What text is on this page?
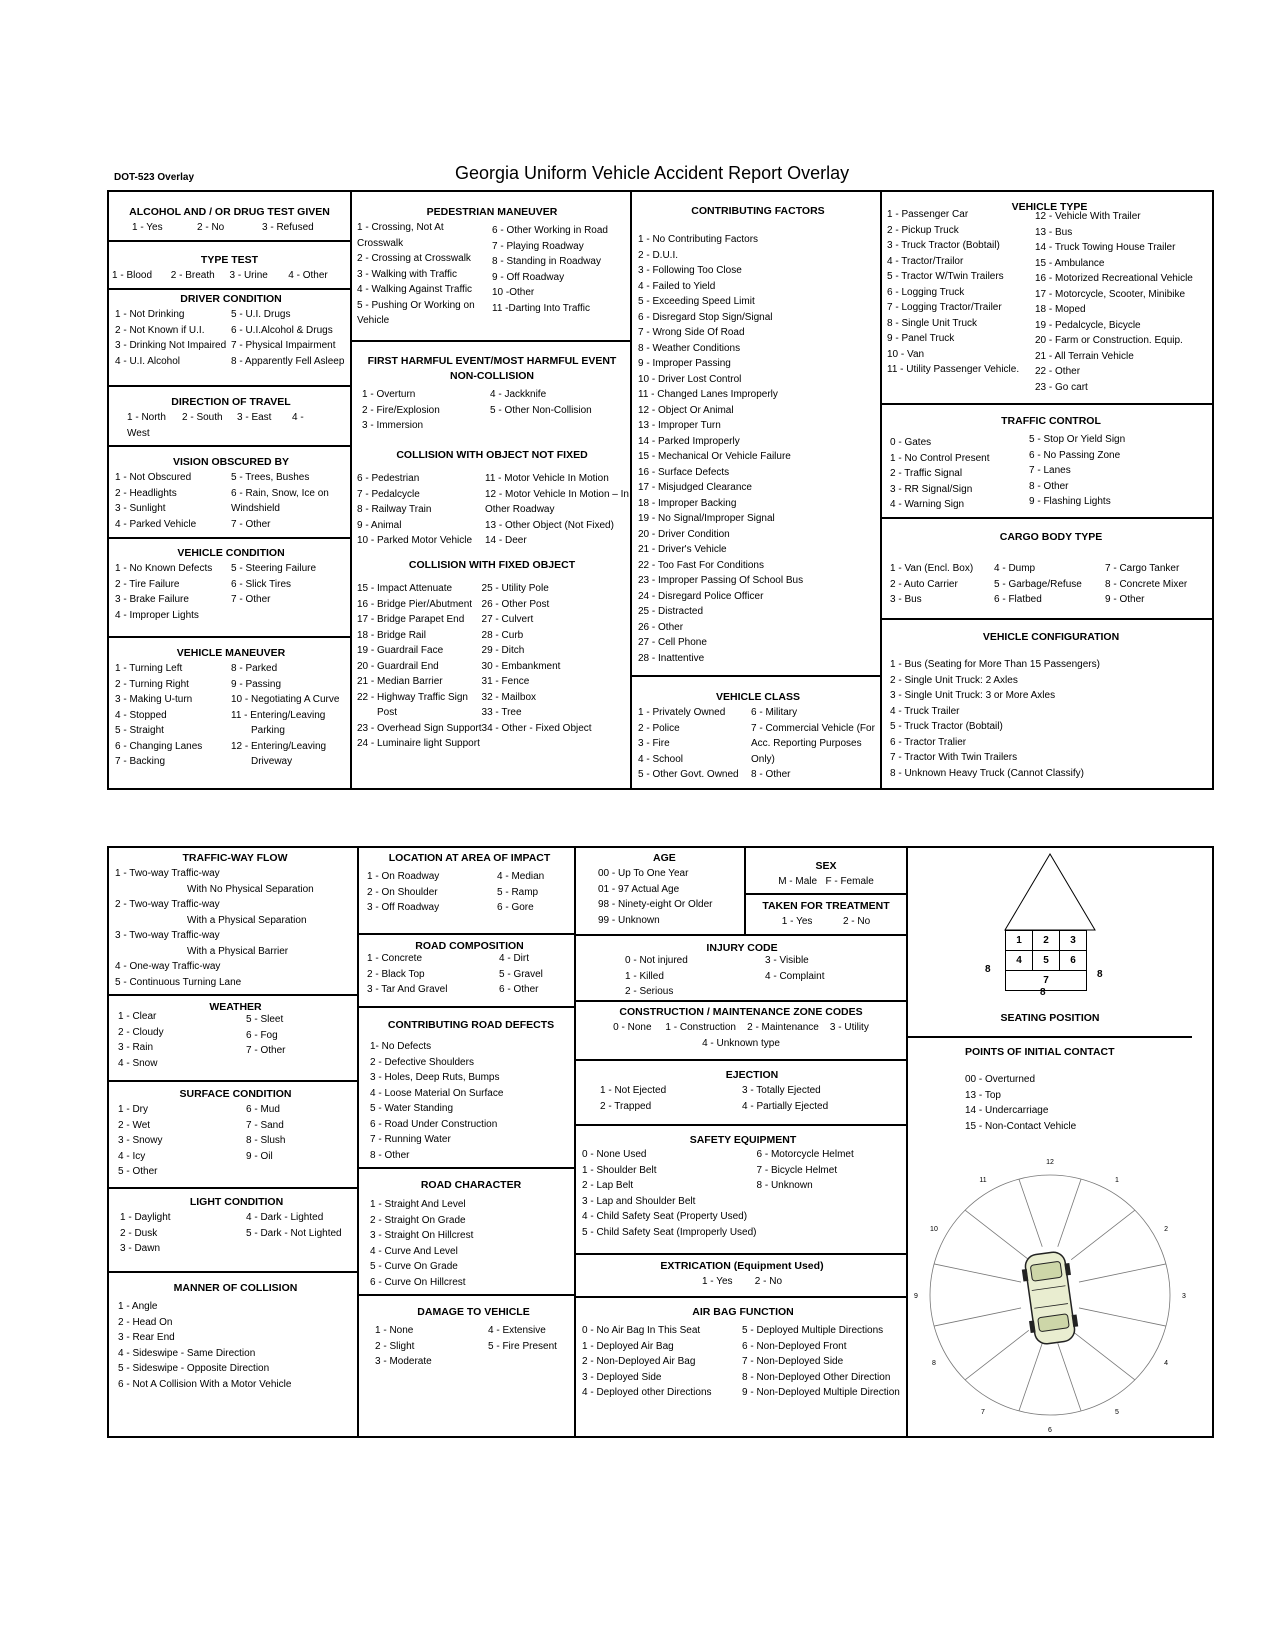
DOT-523 Overlay	Georgia Uniform Vehicle Accident Report Overlay
ALCOHOL AND / OR DRUG TEST GIVEN
1 - Yes	2 - No	3 - Refused
TYPE TEST
1 - Blood	2 - Breath	3 - Urine	4 - Other
DRIVER CONDITION
1 - Not Drinking
2 - Not Known if U.I.
3 - Drinking Not Impaired
4 - U.I. Alcohol
5 - U.I. Drugs
6 - U.I.Alcohol & Drugs
7 - Physical Impairment
8 - Apparently Fell Asleep
DIRECTION OF TRAVEL
1 - North	2 - South	3 - East	4 -
West
VISION OBSCURED BY
1 - Not Obscured
2 - Headlights
3 - Sunlight
4 - Parked Vehicle
5 - Trees, Bushes
6 - Rain, Snow, Ice on
Windshield
7 - Other
VEHICLE CONDITION
1 - No Known Defects
2 - Tire Failure
3 - Brake Failure
4 - Improper Lights
5 - Steering Failure
6 - Slick Tires
7 - Other
VEHICLE MANEUVER
1 - Turning Left
2 - Turning Right
3 - Making U-turn
4 - Stopped
5 - Straight
6 - Changing Lanes
7 - Backing
8 - Parked
9 - Passing
10 - Negotiating A Curve
11 - Entering/Leaving
Parking
12 - Entering/Leaving
Driveway
PEDESTRIAN MANEUVER
1 - Crossing, Not At Crosswalk
2 - Crossing at Crosswalk
3 - Walking with Traffic
4 - Walking Against Traffic
5 - Pushing Or Working on
Vehicle
6 - Other Working in Road
7 - Playing Roadway
8 - Standing in Roadway
9 - Off Roadway
10 -Other
11 -Darting Into Traffic
FIRST HARMFUL EVENT/MOST HARMFUL EVENT
NON-COLLISION
1 - Overturn
2 - Fire/Explosion
3 - Immersion
4 - Jackknife
5 - Other Non-Collision
COLLISION WITH OBJECT NOT FIXED
6 - Pedestrian
7 - Pedalcycle
8 - Railway Train
9 - Animal
10 - Parked Motor Vehicle
11 - Motor Vehicle In Motion
12 - Motor Vehicle In Motion – In
Other Roadway
13 - Other Object (Not Fixed)
14 - Deer
COLLISION WITH FIXED OBJECT
15 - Impact Attenuate
16 - Bridge Pier/Abutment
17 - Bridge Parapet End
18 - Bridge Rail
19 - Guardrail Face
20 - Guardrail End
21 - Median Barrier
22 - Highway Traffic Sign
Post
23 - Overhead Sign Support
24 - Luminaire light Support
25 - Utility Pole
26 - Other Post
27 - Culvert
28 - Curb
29 - Ditch
30 - Embankment
31 - Fence
32 - Mailbox
33 - Tree
34 - Other - Fixed Object
CONTRIBUTING FACTORS
1 - No Contributing Factors
2 - D.U.I.
3 - Following Too Close
4 - Failed to Yield
5 - Exceeding Speed Limit
6 - Disregard Stop Sign/Signal
7 - Wrong Side Of Road
8 - Weather Conditions
9 - Improper Passing
10 - Driver Lost Control
11 - Changed Lanes Improperly
12 - Object Or Animal
13 - Improper Turn
14 - Parked Improperly
15 - Mechanical Or Vehicle Failure
16 - Surface Defects
17 - Misjudged Clearance
18 - Improper Backing
19 - No Signal/Improper Signal
20 - Driver Condition
21 - Driver's Vehicle
22 - Too Fast For Conditions
23 - Improper Passing Of School Bus
24 - Disregard Police Officer
25 - Distracted
26 - Other
27 - Cell Phone
28 - Inattentive
VEHICLE CLASS
1 - Privately Owned
2 - Police
3 - Fire
4 - School
5 - Other Govt. Owned
6 - Military
7 - Commercial Vehicle (For
Acc. Reporting Purposes
Only)
8 - Other
VEHICLE TYPE
1 - Passenger Car
2 - Pickup Truck
3 - Truck Tractor (Bobtail)
4 - Tractor/Trailor
5 - Tractor W/Twin Trailers
6 - Logging Truck
7 - Logging Tractor/Trailer
8 - Single Unit Truck
9 - Panel Truck
10 - Van
11 - Utility Passenger Vehicle.
12 - Vehicle With Trailer
13 - Bus
14 - Truck Towing House Trailer
15 - Ambulance
16 - Motorized Recreational Vehicle
17 - Motorcycle, Scooter, Minibike
18 - Moped
19 - Pedalcycle, Bicycle
20 - Farm or Construction. Equip.
21 - All Terrain Vehicle
22 - Other
23 - Go cart
TRAFFIC CONTROL
0 - Gates
1 - No Control Present
2 - Traffic Signal
3 - RR Signal/Sign
4 - Warning Sign
5 - Stop Or Yield Sign
6 - No Passing Zone
7 - Lanes
8 - Other
9 - Flashing Lights
CARGO BODY TYPE
1 - Van (Encl. Box)
2 - Auto Carrier
3 - Bus
4 - Dump
5 - Garbage/Refuse
6 - Flatbed
7 - Cargo Tanker
8 - Concrete Mixer
9 - Other
VEHICLE CONFIGURATION
1 - Bus (Seating for More Than 15 Passengers)
2 - Single Unit Truck: 2 Axles
3 - Single Unit Truck: 3 or More Axles
4 - Truck Trailer
5 - Truck Tractor (Bobtail)
6 - Tractor Tralier
7 - Tractor With Twin Trailers
8 - Unknown Heavy Truck (Cannot Classify)
TRAFFIC-WAY FLOW
1 - Two-way Traffic-way
With No Physical Separation
2 - Two-way Traffic-way
With a Physical Separation
3 - Two-way Traffic-way
With a Physical Barrier
4 - One-way Traffic-way
5 - Continuous Turning Lane
WEATHER
1 - Clear
2 - Cloudy
3 - Rain
4 - Snow
5 - Sleet
6 - Fog
7 - Other
SURFACE CONDITION
1 - Dry
2 - Wet
3 - Snowy
4 - Icy
5 - Other
6 - Mud
7 - Sand
8 - Slush
9 - Oil
LIGHT CONDITION
1 - Daylight
2 - Dusk
3 - Dawn
4 - Dark - Lighted
5 - Dark - Not Lighted
MANNER OF COLLISION
1 - Angle
2 - Head On
3 - Rear End
4 - Sideswipe - Same Direction
5 - Sideswipe - Opposite Direction
6 - Not A Collision With a Motor Vehicle
LOCATION AT AREA OF IMPACT
1 - On Roadway
2 - On Shoulder
3 - Off Roadway
4 - Median
5 - Ramp
6 - Gore
ROAD COMPOSITION
1 - Concrete
2 - Black Top
3 - Tar And Gravel
4 - Dirt
5 - Gravel
6 - Other
CONTRIBUTING ROAD DEFECTS
1- No Defects
2 - Defective Shoulders
3 - Holes, Deep Ruts, Bumps
4 - Loose Material On Surface
5 - Water Standing
6 - Road Under Construction
7 - Running Water
8 - Other
ROAD CHARACTER
1 - Straight And Level
2 - Straight On Grade
3 - Straight On Hillcrest
4 - Curve And Level
5 - Curve On Grade
6 - Curve On Hillcrest
DAMAGE TO VEHICLE
1 - None
2 - Slight
3 - Moderate
4 - Extensive
5 - Fire Present
AGE
00 - Up To One Year
01 - 97 Actual Age
98 - Ninety-eight Or Older
99 - Unknown
SEX
M - Male F - Female
TAKEN FOR TREATMENT
1 - Yes	2 - No
INJURY CODE
0 - Not injured
1 - Killed
2 - Serious
3 - Visible
4 - Complaint
CONSTRUCTION / MAINTENANCE ZONE CODES
0 - None     1 - Construction    2 - Maintenance    3 - Utility
4 - Unknown type
EJECTION
1 - Not Ejected
2 - Trapped
3 - Totally Ejected
4 - Partially Ejected
SAFETY EQUIPMENT
0 - None Used
1 - Shoulder Belt
2 - Lap Belt
3 - Lap and Shoulder Belt
4 - Child Safety Seat (Property Used)
5 - Child Safety Seat (Improperly Used)
6 - Motorcycle Helmet
7 - Bicycle Helmet
8 - Unknown
EXTRICATION (Equipment Used)
1 - Yes 2 - No
AIR BAG FUNCTION
0 - No Air Bag In This Seat
1 - Deployed Air Bag
2 - Non-Deployed Air Bag
3 - Deployed Side
4 - Deployed other Directions
5 - Deployed Multiple Directions
6 - Non-Deployed Front
7 - Non-Deployed Side
8 - Non-Deployed Other Direction
9 - Non-Deployed Multiple Direction
1	2	3
4	5	6
7		
8	8
8
SEATING POSITION
POINTS OF INITIAL CONTACT
00 - Overturned
13 - Top
14 - Undercarriage
15 - Non-Contact Vehicle
12
1
2
3
4
5
6
7
8
9
10
11
